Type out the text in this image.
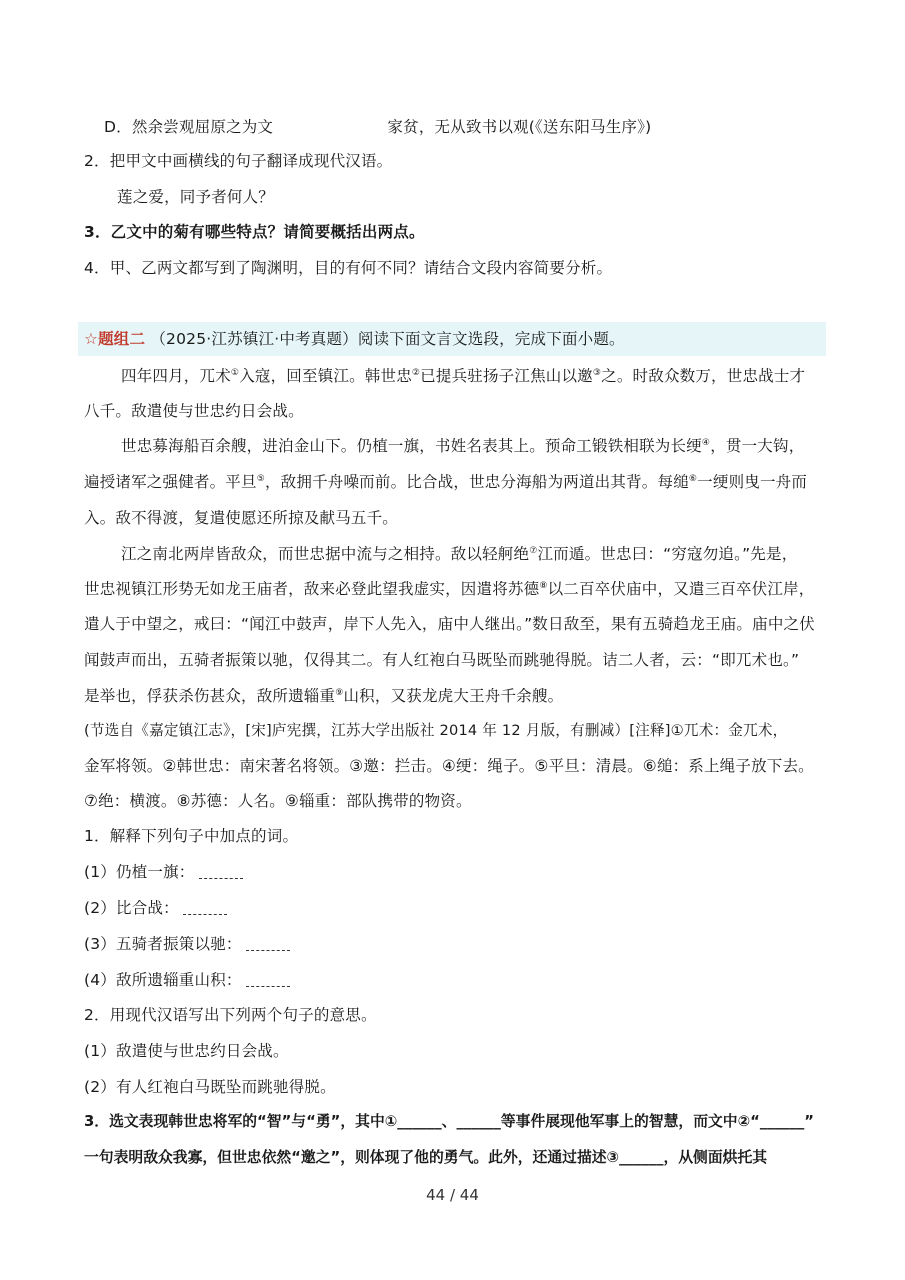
D．然余尝观屈原之为文	家贫，无从致书以观(《送东阳马生序》)
2．把甲文中画横线的句子翻译成现代汉语。
莲之爱，同予者何人？
3．乙文中的菊有哪些特点？请简要概括出两点。
4．甲、乙两文都写到了陶渊明，目的有何不同？请结合文段内容简要分析。
☆题组二 （2025·江苏镇江·中考真题）阅读下面文言文选段，完成下面小题。
四年四月，兀术①入寇，回至镇江。韩世忠②已提兵驻扬子江焦山以邀③之。时敌众数万，世忠战士才
八千。敌遣使与世忠约日会战。
世忠募海船百余艘，进泊金山下。仍植一旗，书姓名表其上。预命工锻铁相联为长绠④，贯一大钩，
遍授诸军之强健者。平旦⑤，敌拥千舟噪而前。比合战，世忠分海船为两道出其背。每缒⑥一绠则曳一舟而
入。敌不得渡，复遣使愿还所掠及献马五千。
江之南北两岸皆敌众，而世忠据中流与之相持。敌以轻舸绝⑦江而遁。世忠曰：“穷寇勿追。”先是，
世忠视镇江形势无如龙王庙者，敌来必登此望我虚实，因遣将苏德⑧以二百卒伏庙中，又遣三百卒伏江岸，
遣人于中望之，戒曰：“闻江中鼓声，岸下人先入，庙中人继出。”数日敌至，果有五骑趋龙王庙。庙中之伏
闻鼓声而出，五骑者振策以驰，仅得其二。有人红袍白马既坠而跳驰得脱。诘二人者，云：“即兀术也。”
是举也，俘获杀伤甚众，敌所遗辎重⑨山积，又获龙虎大王舟千余艘。
(节选自《嘉定镇江志》，[宋]庐宪撰，江苏大学出版社 2014 年 12 月版，有删减）[注释]①兀术：金兀术，
金军将领。②韩世忠：南宋著名将领。③邀：拦击。④绠：绳子。⑤平旦：清晨。⑥缒：系上绳子放下去。
⑦绝：横渡。⑧苏德：人名。⑨辎重：部队携带的物资。
1．解释下列句子中加点的词。
(1）仍植一旗：
(2）比合战：
(3）五骑者振策以驰：
(4）敌所遗辎重山积：
2．用现代汉语写出下列两个句子的意思。
(1）敌遣使与世忠约日会战。
(2）有人红袍白马既坠而跳驰得脱。
3．选文表现韩世忠将军的“智”与“勇”，其中①______、______等事件展现他军事上的智慧，而文中②“______”
一句表明敌众我寡，但世忠依然“邀之”，则体现了他的勇气。此外，还通过描述③______，从侧面烘托其
44 / 44
